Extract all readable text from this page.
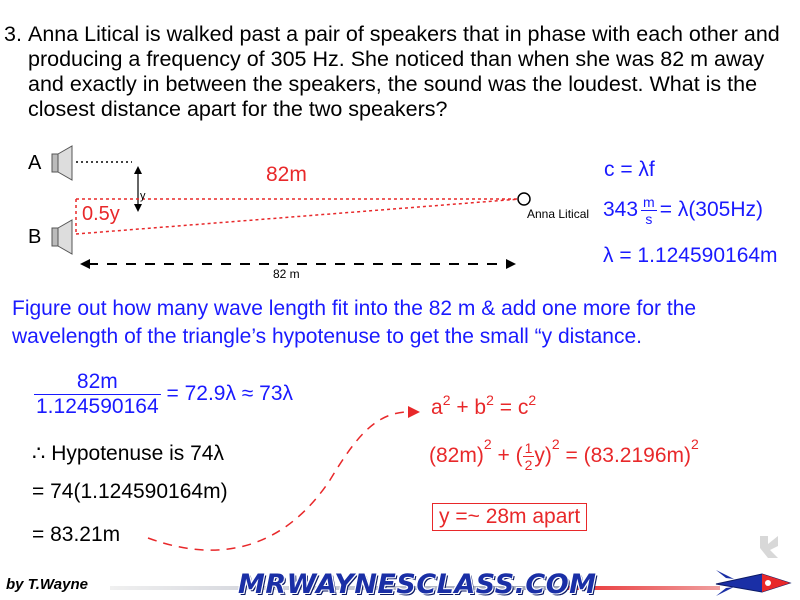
3. Anna Litical is walked past a pair of speakers that in phase with each other and producing a frequency of 305 Hz. She noticed than when she was 82 m away and exactly in between the speakers, the sound was the loudest. What is the closest distance apart for the two speakers?
A
B
y
0.5y
82m
82 m
Anna Litical
c = λf
$343 \frac{m}{s} = \lambda(305Hz)$
λ = 1.124590164m
Figure out how many wave length fit into the 82 m & add one more for the wavelength of the triangle’s hypotenuse to get the small “y distance.
$\frac{82m}{1.124590164} = 72.9\lambda \approx 73\lambda$
∴ Hypotenuse is 74λ
= 74(1.124590164m)
= 83.21m
$a^2 + b^2 = c^2$
$(82m)^2$ + ( $\frac{1}{2} y)^2 = (83.2196m)^2$
y =~ 28m apart
by T.Wayne	MRWAYNESCLASS.COM
